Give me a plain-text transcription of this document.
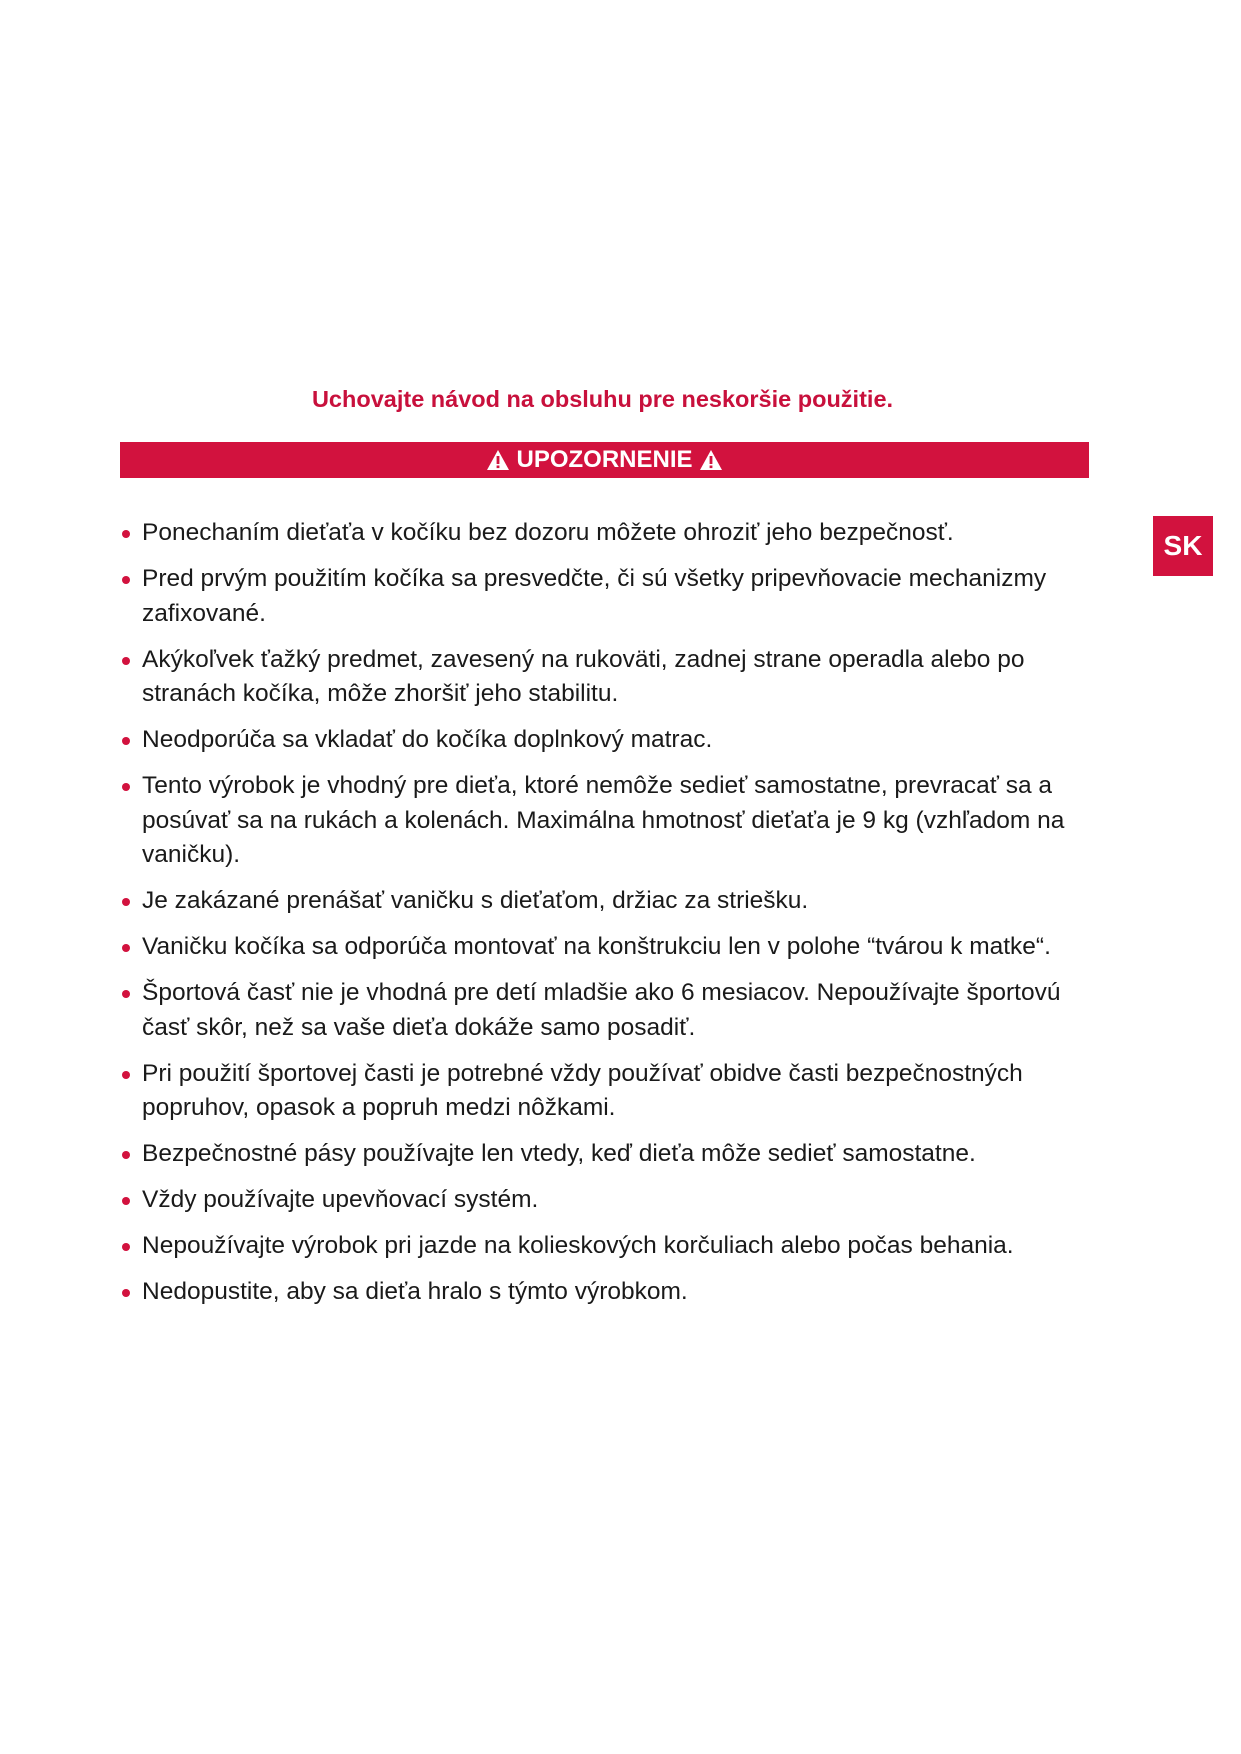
Uchovajte návod na obsluhu pre neskoršie použitie.
UPOZORNENIE
SK
Ponechaním dieťaťa v kočíku bez dozoru môžete ohroziť jeho bezpečnosť.
Pred prvým použitím kočíka sa presvedčte, či sú všetky pripevňovacie mechanizmy zafixované.
Akýkoľvek ťažký predmet, zavesený na rukoväti, zadnej strane operadla alebo po stranách kočíka, môže zhoršiť jeho stabilitu.
Neodporúča sa vkladať do kočíka doplnkový matrac.
Tento výrobok je vhodný pre dieťa, ktoré nemôže sedieť samostatne, prevracať sa a posúvať sa na rukách a kolenách. Maximálna hmotnosť dieťaťa je 9 kg (vzhľadom na vaničku).
Je zakázané prenášať vaničku s dieťaťom, držiac za striešku.
Vaničku kočíka sa odporúča montovať na konštrukciu len v polohe “tvárou k matke“.
Športová časť nie je vhodná pre detí mladšie ako 6 mesiacov. Nepoužívajte športovú časť skôr, než sa vaše dieťa dokáže samo posadiť.
Pri použití športovej časti je potrebné vždy používať obidve časti bezpečnostných popruhov, opasok a popruh medzi nôžkami.
Bezpečnostné pásy používajte len vtedy, keď dieťa môže sedieť samostatne.
Vždy používajte upevňovací systém.
Nepoužívajte výrobok pri jazde na kolieskových korčuliach alebo počas behania.
Nedopustite, aby sa dieťa hralo s týmto výrobkom.
